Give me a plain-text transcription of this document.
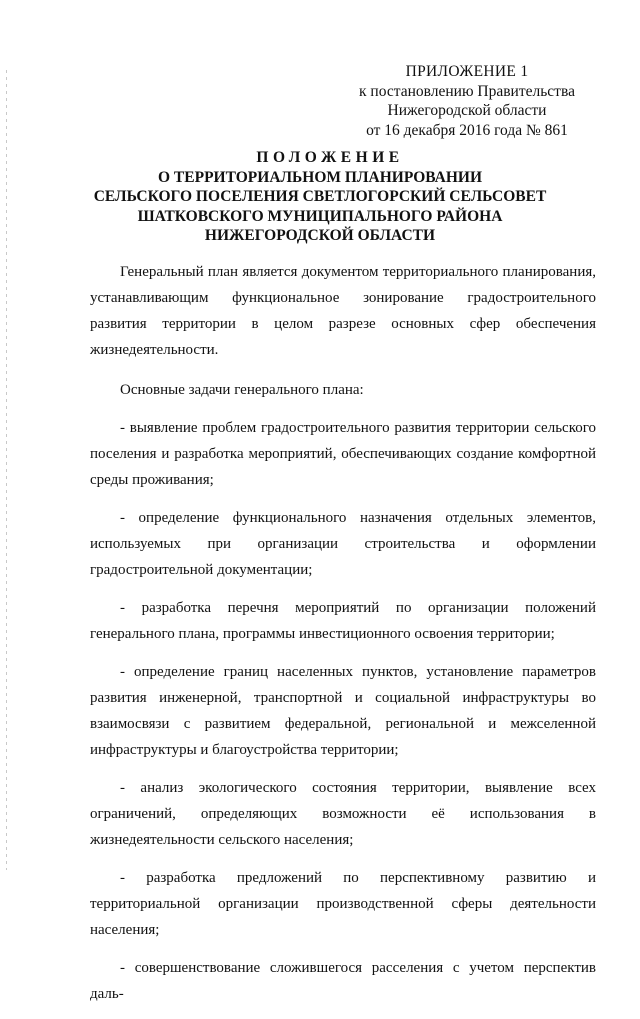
ПРИЛОЖЕНИЕ 1
к постановлению Правительства
Нижегородской области
от 16 декабря 2016 года № 861
ПОЛОЖЕНИЕ
О ТЕРРИТОРИАЛЬНОМ ПЛАНИРОВАНИИ
СЕЛЬСКОГО ПОСЕЛЕНИЯ СВЕТЛОГОРСКИЙ СЕЛЬСОВЕТ
ШАТКОВСКОГО МУНИЦИПАЛЬНОГО РАЙОНА
НИЖЕГОРОДСКОЙ ОБЛАСТИ

Генеральный план является документом территориального планирования, устанавливающим функциональное зонирование градостроительного развития территории в целом разрезе основных сфер обеспечения жизнедеятельности.

Основные задачи генерального плана:

- выявление проблем градостроительного развития территории сельского поселения и разработка мероприятий, обеспечивающих создание комфортной среды проживания;

- определение функционального назначения отдельных элементов, используемых при организации строительства и оформлении градостроительной документации;

- разработка перечня мероприятий по организации положений генерального плана, программы инвестиционного освоения территории;

- определение границ населенных пунктов, установление параметров развития инженерной, транспортной и социальной инфраструктуры во взаимосвязи с развитием федеральной, региональной и межселенной инфраструктуры и благоустройства территории;

- анализ экологического состояния территории, выявление всех ограничений, определяющих возможности её использования в жизнедеятельности сельского населения;

- разработка предложений по перспективному развитию и территориальной организации производственной сферы деятельности населения;

- совершенствование сложившегося расселения с учетом перспектив даль-
